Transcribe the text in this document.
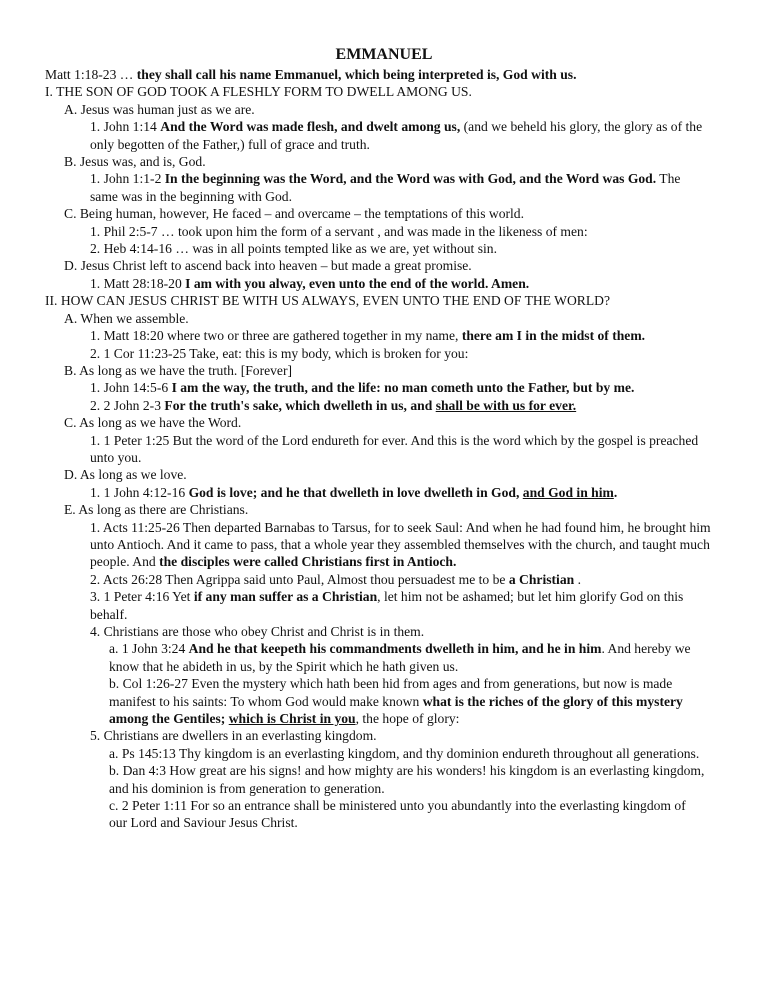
EMMANUEL
Matt 1:18-23 … they shall call his name Emmanuel, which being interpreted is, God with us.
I. THE SON OF GOD TOOK A FLESHLY FORM TO DWELL AMONG US.
A. Jesus was human just as we are.
1. John 1:14 And the Word was made flesh, and dwelt among us, (and we beheld his glory, the glory as of the only begotten of the Father,) full of grace and truth.
B. Jesus was, and is, God.
1. John 1:1-2 In the beginning was the Word, and the Word was with God, and the Word was God. The same was in the beginning with God.
C. Being human, however, He faced – and overcame – the temptations of this world.
1. Phil 2:5-7 … took upon him the form of a servant , and was made in the likeness of men:
2. Heb 4:14-16 … was in all points tempted like as we are, yet without sin.
D. Jesus Christ left to ascend back into heaven – but made a great promise.
1. Matt 28:18-20 I am with you alway, even unto the end of the world. Amen.
II. HOW CAN JESUS CHRIST BE WITH US ALWAYS, EVEN UNTO THE END OF THE WORLD?
A. When we assemble.
1. Matt 18:20 where two or three are gathered together in my name, there am I in the midst of them.
2. 1 Cor 11:23-25 Take, eat: this is my body, which is broken for you:
B. As long as we have the truth. [Forever]
1. John 14:5-6 I am the way, the truth, and the life: no man cometh unto the Father, but by me.
2. 2 John 2-3 For the truth's sake, which dwelleth in us, and shall be with us for ever.
C. As long as we have the Word.
1. 1 Peter 1:25 But the word of the Lord endureth for ever. And this is the word which by the gospel is preached unto you.
D. As long as we love.
1. 1 John 4:12-16 God is love; and he that dwelleth in love dwelleth in God, and God in him.
E. As long as there are Christians.
1. Acts 11:25-26 Then departed Barnabas to Tarsus, for to seek Saul: And when he had found him, he brought him unto Antioch. And it came to pass, that a whole year they assembled themselves with the church, and taught much people. And the disciples were called Christians first in Antioch.
2. Acts 26:28 Then Agrippa said unto Paul, Almost thou persuadest me to be a Christian .
3. 1 Peter 4:16 Yet if any man suffer as a Christian, let him not be ashamed; but let him glorify God on this behalf.
4. Christians are those who obey Christ and Christ is in them.
a. 1 John 3:24 And he that keepeth his commandments dwelleth in him, and he in him. And hereby we know that he abideth in us, by the Spirit which he hath given us.
b. Col 1:26-27 Even the mystery which hath been hid from ages and from generations, but now is made manifest to his saints: To whom God would make known what is the riches of the glory of this mystery among the Gentiles; which is Christ in you, the hope of glory:
5. Christians are dwellers in an everlasting kingdom.
a. Ps 145:13 Thy kingdom is an everlasting kingdom, and thy dominion endureth throughout all generations.
b. Dan 4:3 How great are his signs! and how mighty are his wonders! his kingdom is an everlasting kingdom, and his dominion is from generation to generation.
c. 2 Peter 1:11 For so an entrance shall be ministered unto you abundantly into the everlasting kingdom of our Lord and Saviour Jesus Christ.
